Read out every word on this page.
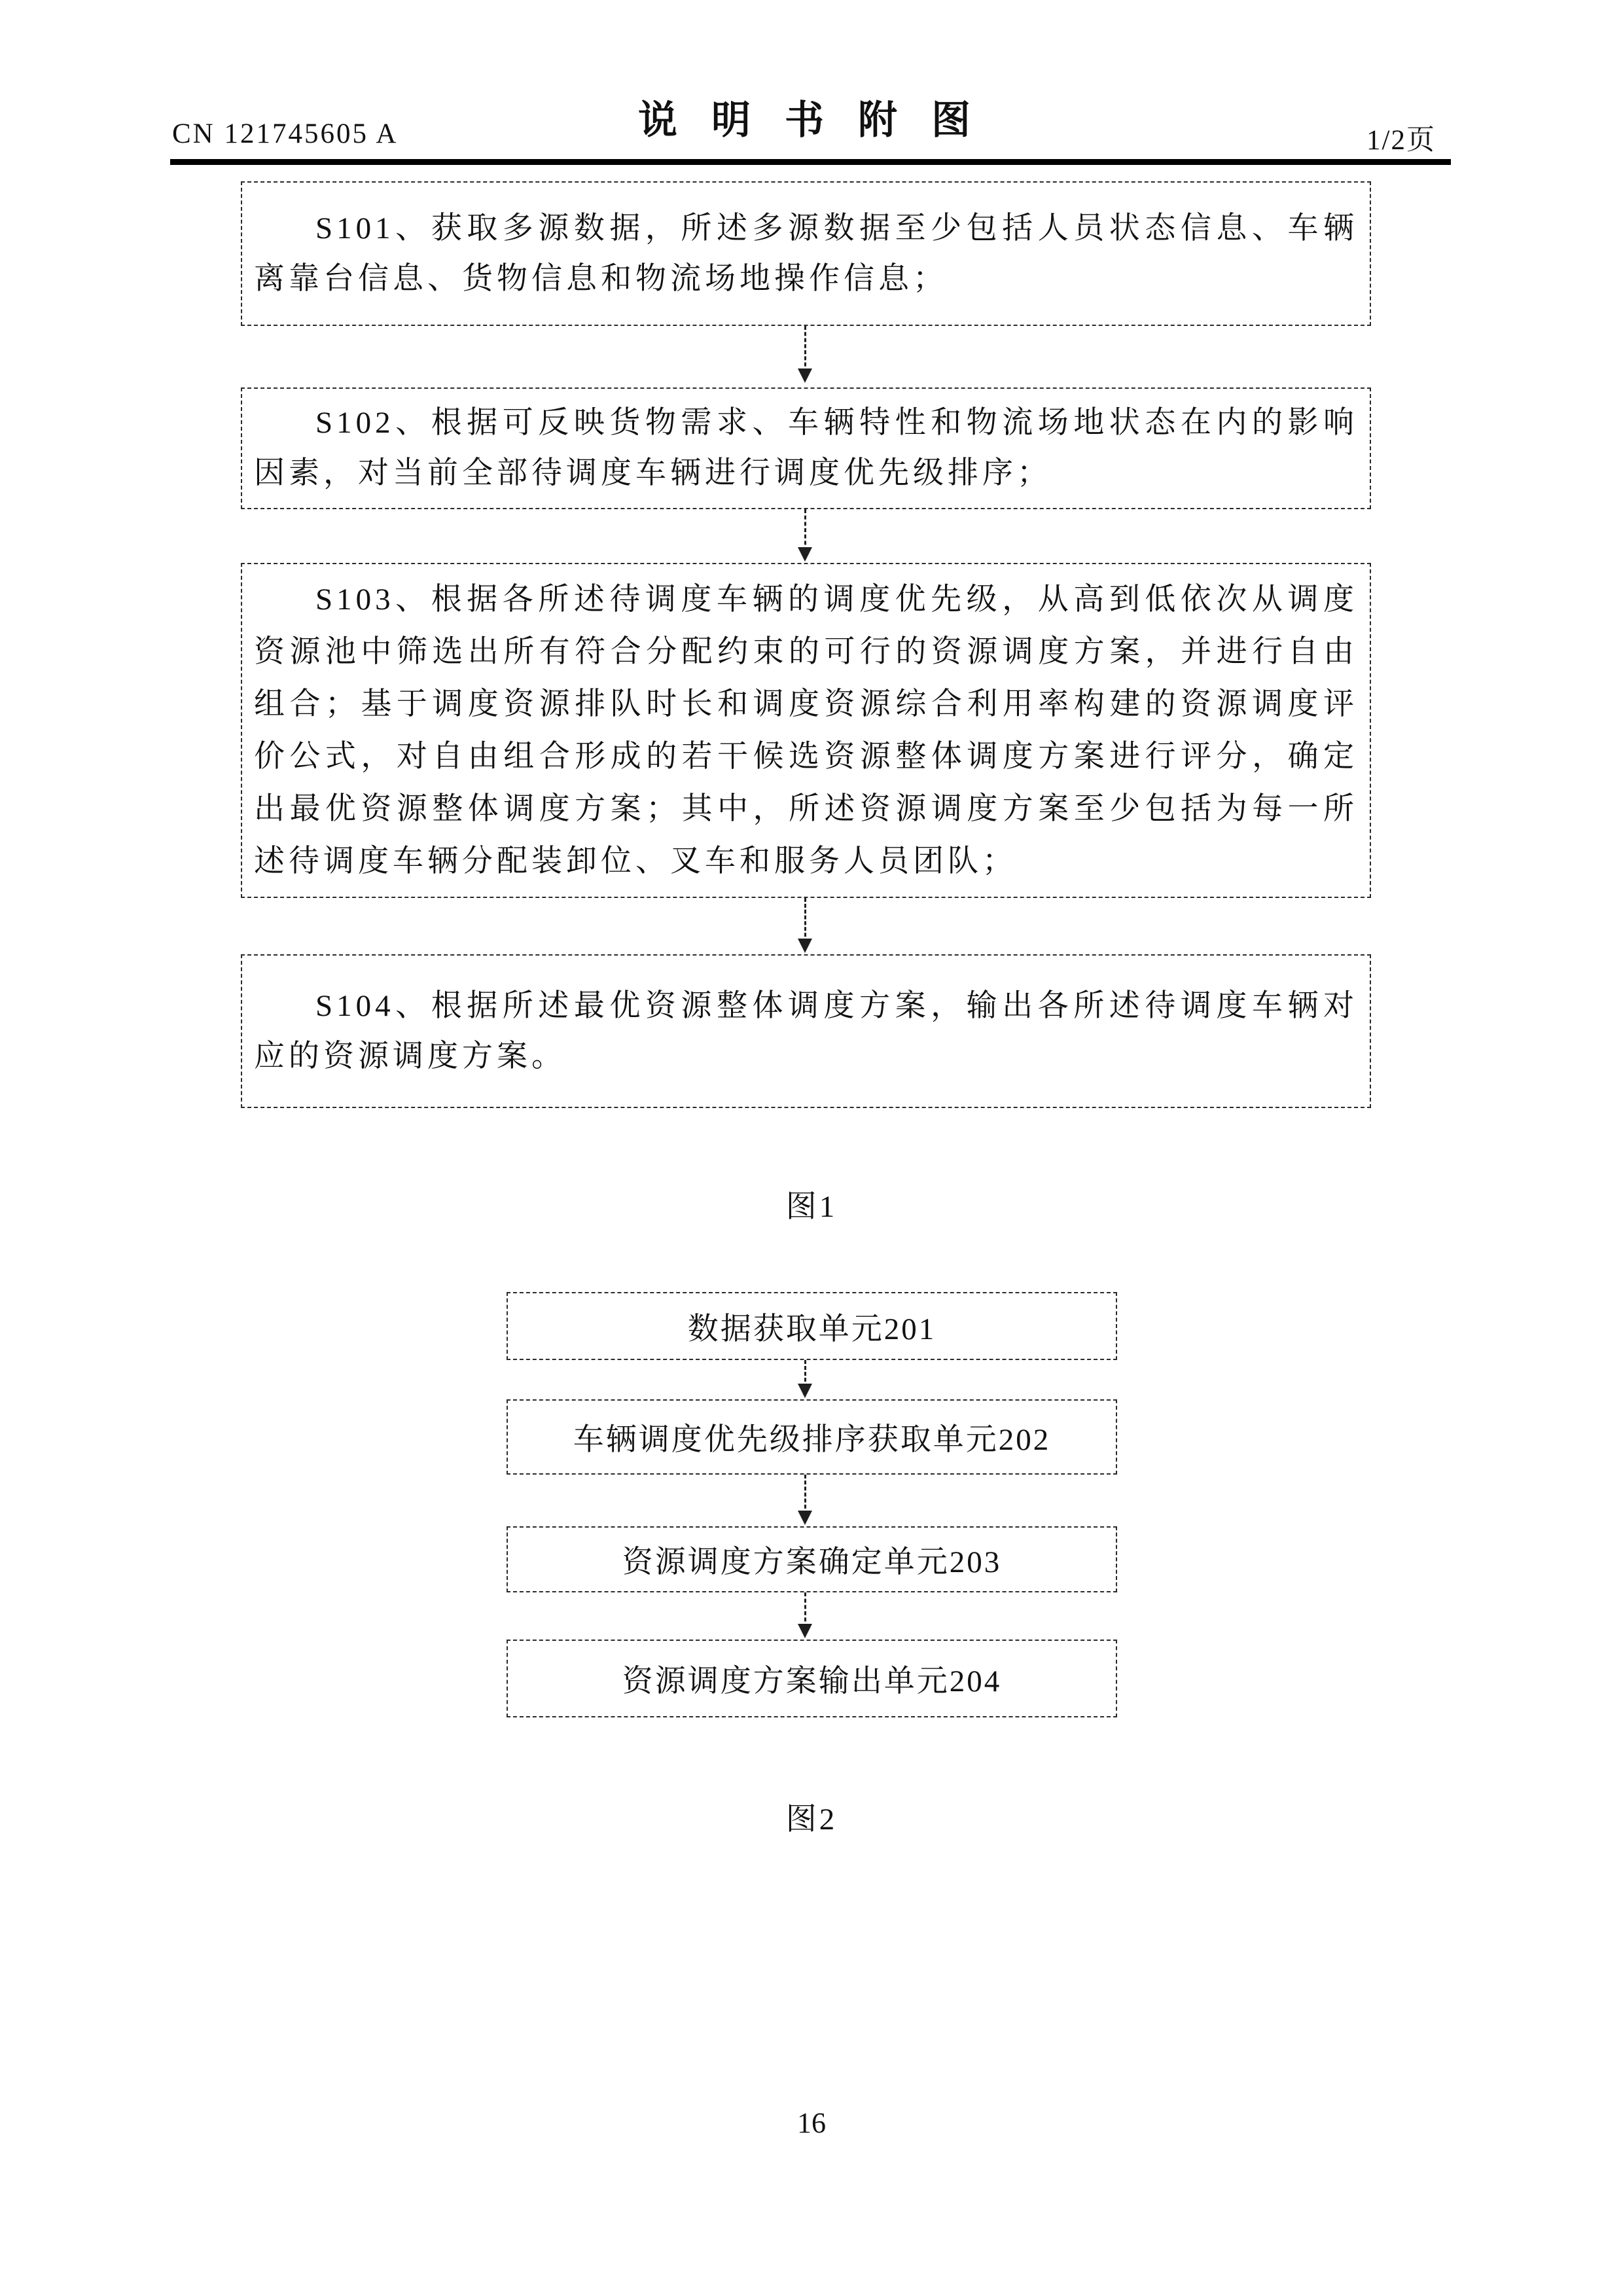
CN 121745605 A	说明书附图	1/2页

S101、获取多源数据，所述多源数据至少包括人员状态信息、车辆离靠台信息、货物信息和物流场地操作信息；

S102、根据可反映货物需求、车辆特性和物流场地状态在内的影响因素，对当前全部待调度车辆进行调度优先级排序；

S103、根据各所述待调度车辆的调度优先级，从高到低依次从调度资源池中筛选出所有符合分配约束的可行的资源调度方案，并进行自由组合；基于调度资源排队时长和调度资源综合利用率构建的资源调度评价公式，对自由组合形成的若干候选资源整体调度方案进行评分，确定出最优资源整体调度方案；其中，所述资源调度方案至少包括为每一所述待调度车辆分配装卸位、叉车和服务人员团队；

S104、根据所述最优资源整体调度方案，输出各所述待调度车辆对应的资源调度方案。

图1
数据获取单元201
车辆调度优先级排序获取单元202
资源调度方案确定单元203
资源调度方案输出单元204
图2
16
